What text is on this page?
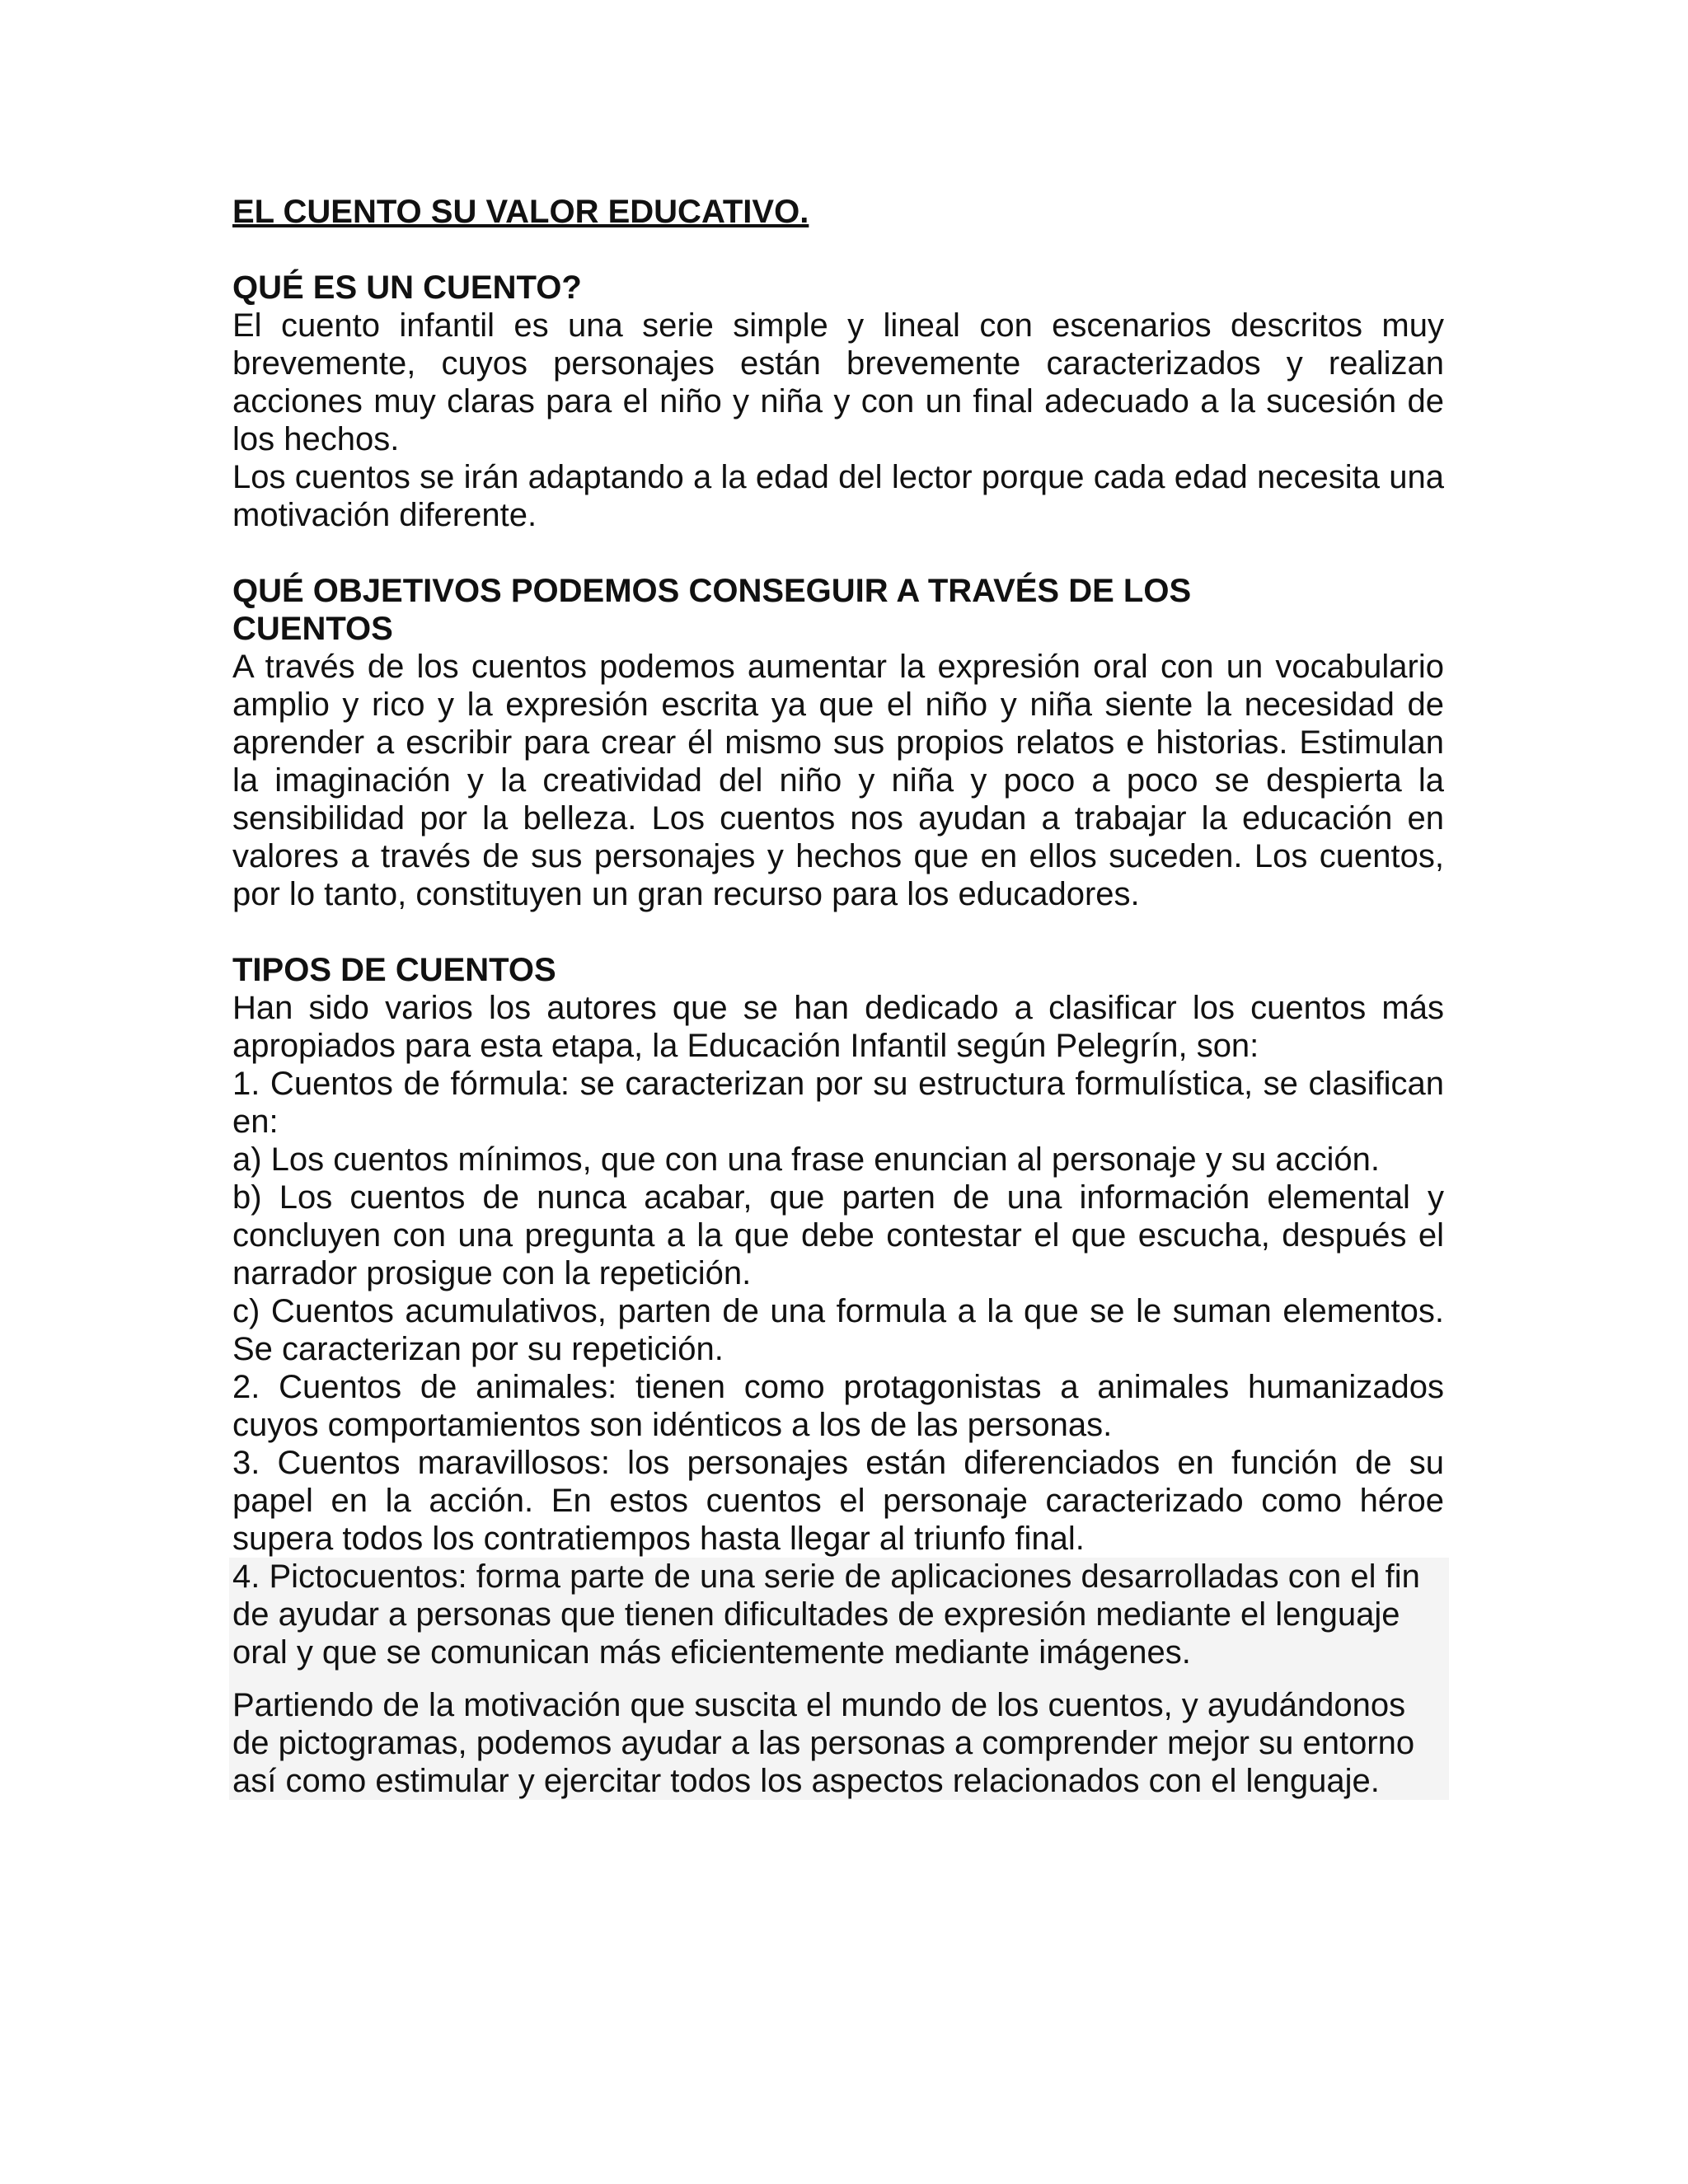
EL CUENTO SU VALOR EDUCATIVO.
QUÉ ES UN CUENTO?

El cuento infantil es una serie simple y lineal con escenarios descritos muy brevemente, cuyos personajes están brevemente caracterizados y realizan acciones muy claras para el niño y niña y con un final adecuado a la sucesión de los hechos.

Los cuentos se irán adaptando a la edad del lector porque cada edad necesita una motivación diferente.

QUÉ OBJETIVOS PODEMOS CONSEGUIR A TRAVÉS DE LOS CUENTOS

A través de los cuentos podemos aumentar la expresión oral con un vocabulario amplio y rico y la expresión escrita ya que el niño y niña siente la necesidad de aprender a escribir para crear él mismo sus propios relatos e historias. Estimulan la imaginación y la creatividad del niño y niña y poco a poco se despierta la sensibilidad por la belleza. Los cuentos nos ayudan a trabajar la educación en valores a través de sus personajes y hechos que en ellos suceden. Los cuentos, por lo tanto, constituyen un gran recurso para los educadores.

TIPOS DE CUENTOS

Han sido varios los autores que se han dedicado a clasificar los cuentos más apropiados para esta etapa, la Educación Infantil según Pelegrín, son:

1. Cuentos de fórmula: se caracterizan por su estructura formulística, se clasifican en:

a) Los cuentos mínimos, que con una frase enuncian al personaje y su acción.

b) Los cuentos de nunca acabar, que parten de una información elemental y concluyen con una pregunta a la que debe contestar el que escucha, después el narrador prosigue con la repetición.

c) Cuentos acumulativos, parten de una formula a la que se le suman elementos. Se caracterizan por su repetición.

2. Cuentos de animales: tienen como protagonistas a animales humanizados cuyos comportamientos son idénticos a los de las personas.

3. Cuentos maravillosos: los personajes están diferenciados en función de su papel en la acción. En estos cuentos el personaje caracterizado como héroe supera todos los contratiempos hasta llegar al triunfo final.

4. Pictocuentos: forma parte de una serie de aplicaciones desarrolladas con el fin de ayudar a personas que tienen dificultades de expresión mediante el lenguaje oral y que se comunican más eficientemente mediante imágenes.

Partiendo de la motivación que suscita el mundo de los cuentos, y ayudándonos de pictogramas, podemos ayudar a las personas a comprender mejor su entorno así como estimular y ejercitar todos los aspectos relacionados con el lenguaje.
